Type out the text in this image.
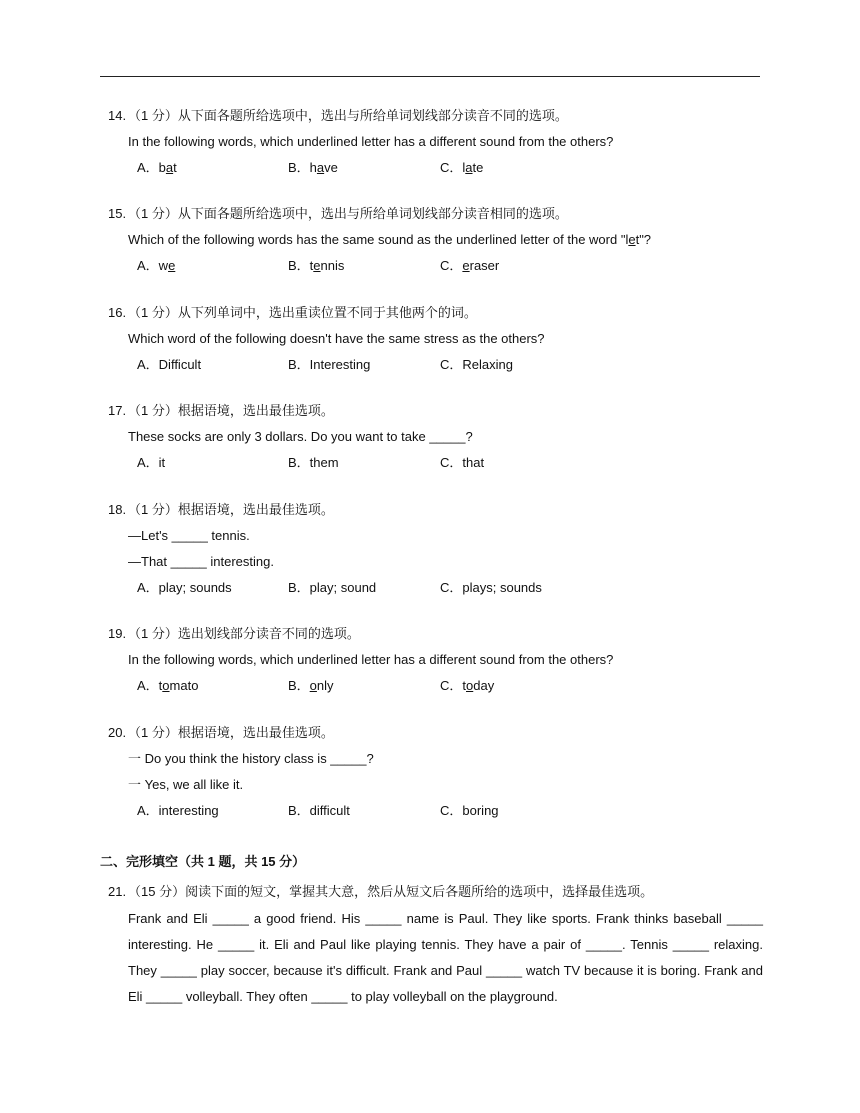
14. （1 分）从下面各题所给选项中，选出与所给单词划线部分读音不同的选项。
In the following words, which underlined letter has a different sound from the others?
A．bat	B．have	C．late
15. （1 分）从下面各题所给选项中，选出与所给单词划线部分读音相同的选项。
Which of the following words has the same sound as the underlined letter of the word "let"?
A．we	B．tennis	C．eraser
16. （1 分）从下列单词中，选出重读位置不同于其他两个的词。
Which word of the following doesn't have the same stress as the others?
A．Difficult	B．Interesting	C．Relaxing
17. （1 分）根据语境，选出最佳选项。
These socks are only 3 dollars. Do you want to take _____?
A．it	B．them	C．that
18. （1 分）根据语境，选出最佳选项。
—Let's _____ tennis.
—That _____ interesting.
A．play; sounds	B．play; sound	C．plays; sounds
19. （1 分）选出划线部分读音不同的选项。
In the following words, which underlined letter has a different sound from the others?
A．tomato	B．only	C．today
20. （1 分）根据语境，选出最佳选项。
一 Do you think the history class is _____?
一 Yes, we all like it.
A．interesting	B．difficult	C．boring
二、完形填空（共 1 题，共 15 分）
21. （15 分）阅读下面的短文，掌握其大意，然后从短文后各题所给的选项中，选择最佳选项。
Frank and Eli _____ a good friend. His _____ name is Paul. They like sports. Frank thinks baseball _____ interesting. He _____ it. Eli and Paul like playing tennis. They have a pair of _____. Tennis _____ relaxing. They _____ play soccer, because it's difficult. Frank and Paul _____ watch TV because it is boring. Frank and Eli _____ volleyball. They often _____ to play volleyball on the playground.
